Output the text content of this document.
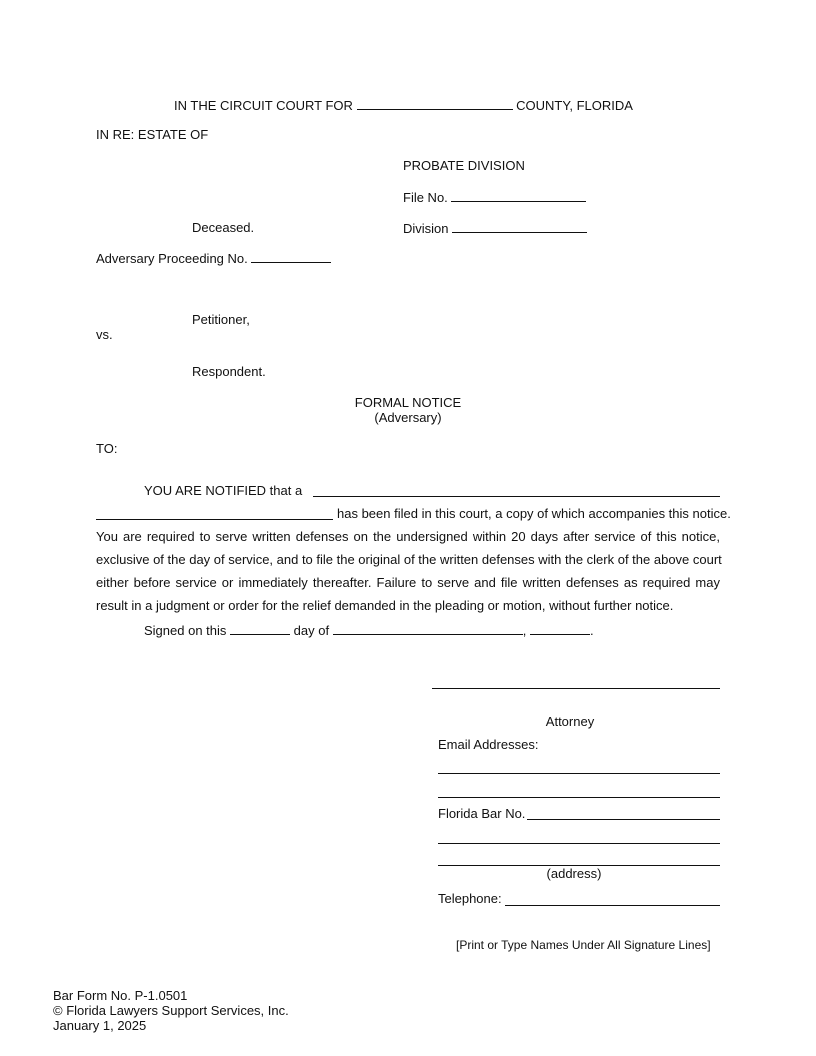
IN THE CIRCUIT COURT FOR	COUNTY, FLORIDA
IN RE: ESTATE OF
PROBATE DIVISION
File No.
Deceased.	Division
Adversary Proceeding No.
Petitioner,
vs.
Respondent.
FORMAL NOTICE
(Adversary)
TO:
YOU ARE NOTIFIED that a
has been filed in this court, a copy of which accompanies this notice.
You are required to serve written defenses on the undersigned within 20 days after service of this notice,
exclusive of the day of service, and to file the original of the written defenses with the clerk of the above court
either before service or immediately thereafter. Failure to serve and file written defenses as required may
result in a judgment or order for the relief demanded in the pleading or motion, without further notice.
Signed on this	day of	,	.
Attorney
Email Addresses:
Florida Bar No.
(address)
Telephone:
[Print or Type Names Under All Signature Lines]
Bar Form No. P-1.0501
© Florida Lawyers Support Services, Inc.
January 1, 2025
